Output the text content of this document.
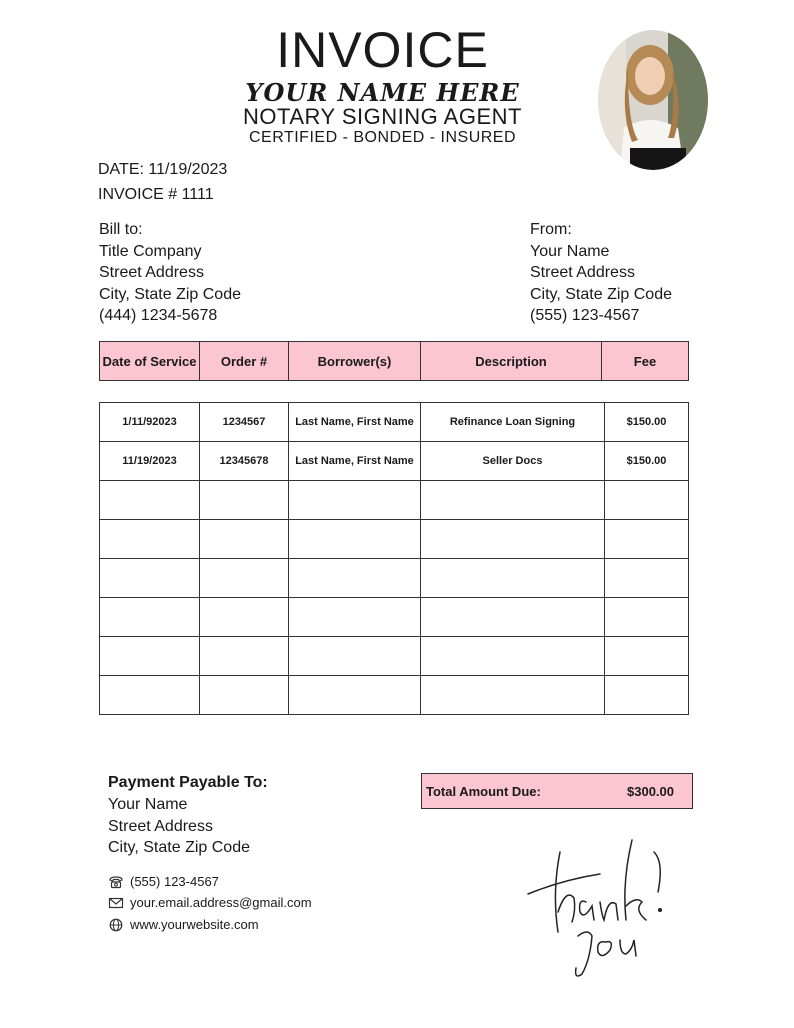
INVOICE
YOUR NAME HERE
NOTARY SIGNING AGENT
CERTIFIED - BONDED - INSURED
DATE: 11/19/2023
INVOICE # 1111
Bill to:
Title Company
Street Address
City, State Zip Code
(444) 1234-5678
From:
Your Name
Street Address
City, State Zip Code
(555) 123-4567
Date of Service	Order #	Borrower(s)	Description	Fee
1/11/92023	1234567	Last Name, First Name	Refinance Loan Signing	$150.00
11/19/2023	12345678	Last Name, First Name	Seller Docs	$150.00

Payment Payable To:
Your Name
Street Address
City, State Zip Code
Total Amount Due:	$300.00
(555) 123-4567
your.email.address@gmail.com
www.yourwebsite.com
